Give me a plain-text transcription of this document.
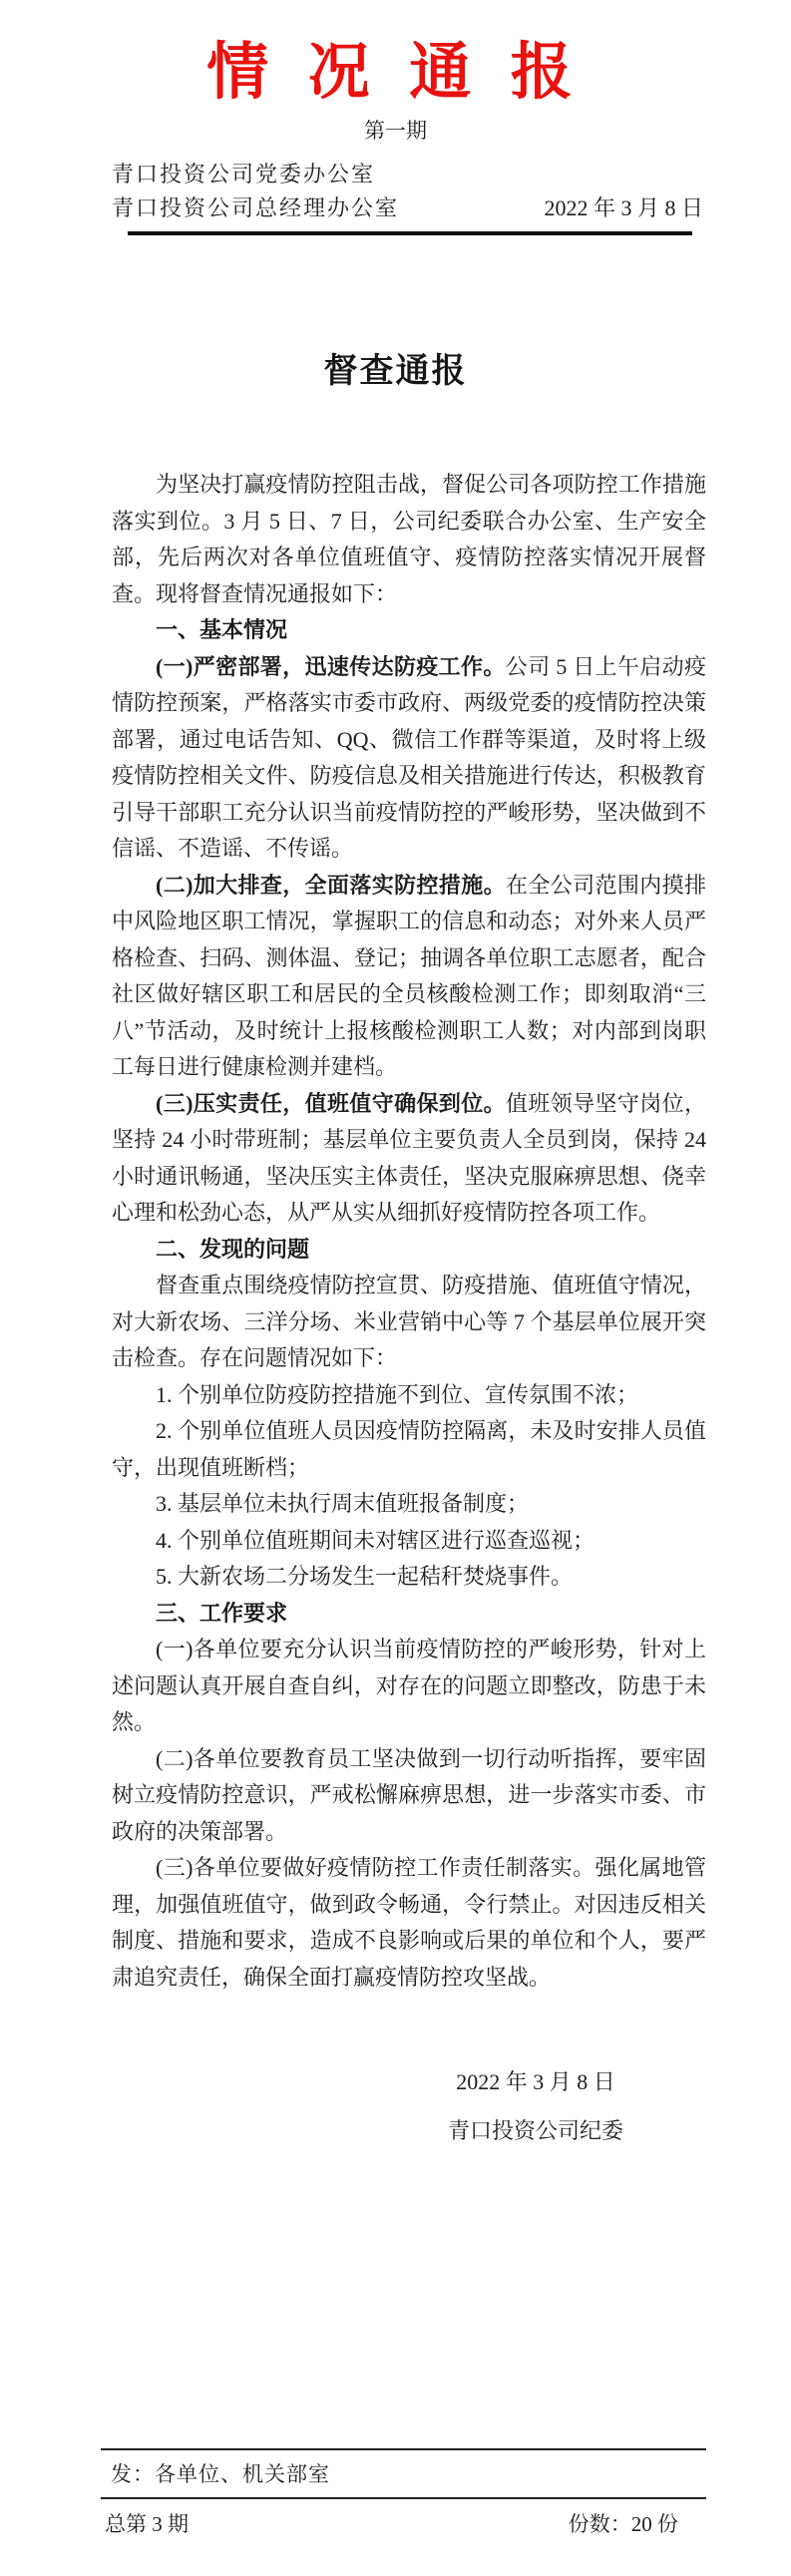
情 况 通 报
第一期
青口投资公司党委办公室
青口投资公司总经理办公室	2022 年 3 月 8 日
督查通报

为坚决打赢疫情防控阻击战，督促公司各项防控工作措施落实到位。3 月 5 日、7 日，公司纪委联合办公室、生产安全部，先后两次对各单位值班值守、疫情防控落实情况开展督查。现将督查情况通报如下：

一、基本情况

(一)严密部署，迅速传达防疫工作。公司 5 日上午启动疫情防控预案，严格落实市委市政府、两级党委的疫情防控决策部署，通过电话告知、QQ、微信工作群等渠道，及时将上级疫情防控相关文件、防疫信息及相关措施进行传达，积极教育引导干部职工充分认识当前疫情防控的严峻形势，坚决做到不信谣、不造谣、不传谣。

(二)加大排查，全面落实防控措施。在全公司范围内摸排中风险地区职工情况，掌握职工的信息和动态；对外来人员严格检查、扫码、测体温、登记；抽调各单位职工志愿者，配合社区做好辖区职工和居民的全员核酸检测工作；即刻取消“三八”节活动，及时统计上报核酸检测职工人数；对内部到岗职工每日进行健康检测并建档。

(三)压实责任，值班值守确保到位。值班领导坚守岗位，坚持 24 小时带班制；基层单位主要负责人全员到岗，保持 24 小时通讯畅通，坚决压实主体责任，坚决克服麻痹思想、侥幸心理和松劲心态，从严从实从细抓好疫情防控各项工作。

二、发现的问题

督查重点围绕疫情防控宣贯、防疫措施、值班值守情况，对大新农场、三洋分场、米业营销中心等 7 个基层单位展开突击检查。存在问题情况如下：

1. 个别单位防疫防控措施不到位、宣传氛围不浓；

2. 个别单位值班人员因疫情防控隔离，未及时安排人员值守，出现值班断档；

3. 基层单位未执行周末值班报备制度；

4. 个别单位值班期间未对辖区进行巡查巡视；

5. 大新农场二分场发生一起秸秆焚烧事件。

三、工作要求

(一)各单位要充分认识当前疫情防控的严峻形势，针对上述问题认真开展自查自纠，对存在的问题立即整改，防患于未然。

(二)各单位要教育员工坚决做到一切行动听指挥，要牢固树立疫情防控意识，严戒松懈麻痹思想，进一步落实市委、市政府的决策部署。

(三)各单位要做好疫情防控工作责任制落实。强化属地管理，加强值班值守，做到政令畅通，令行禁止。对因违反相关制度、措施和要求，造成不良影响或后果的单位和个人，要严肃追究责任，确保全面打赢疫情防控攻坚战。

2022 年 3 月 8 日
青口投资公司纪委
发：各单位、机关部室
总第 3 期	份数：20 份
